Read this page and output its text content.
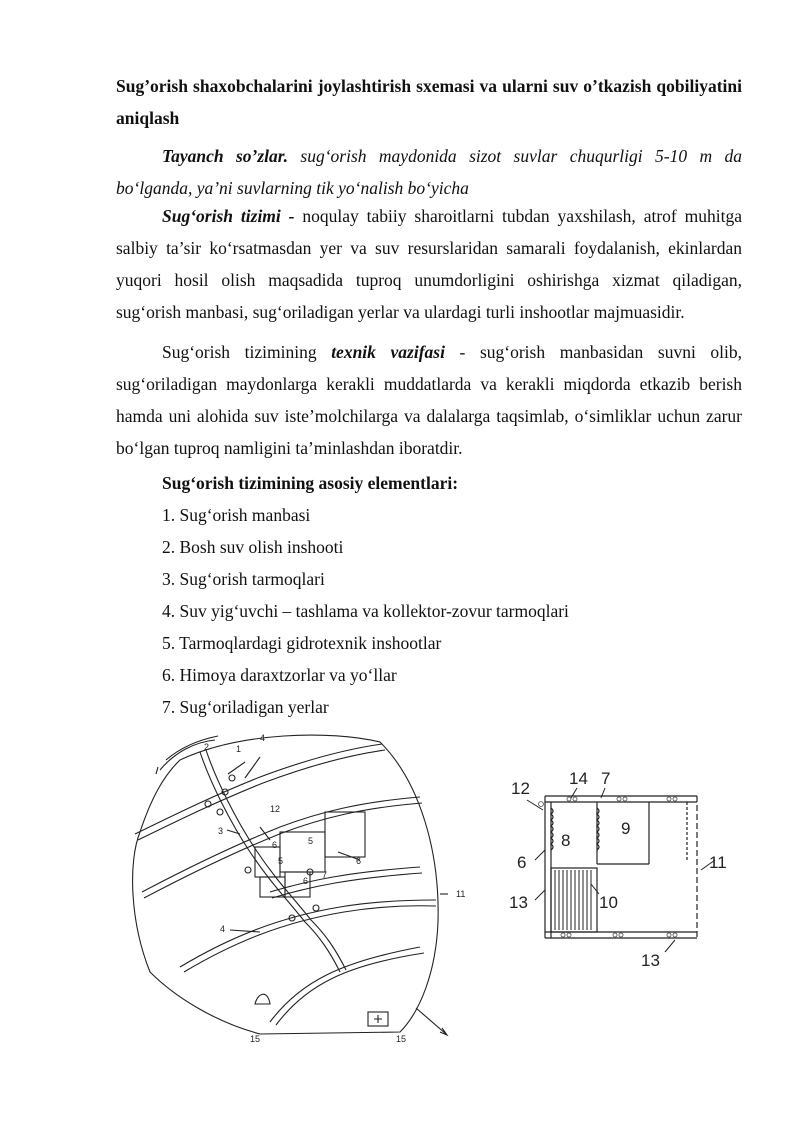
Sug’orish shaxobchalarini joylashtirish sxemasi va ularni suv o’tkazish qobiliyatini aniqlash
Tayanch so’zlar. sug‘orish maydonida sizot suvlar chuqurligi 5-10 m da bo‘lganda, ya’ni suvlarning tik yo‘nalish bo‘yicha
Sug‘orish tizimi - noqulay tabiiy sharoitlarni tubdan yaxshilash, atrof muhitga salbiy ta’sir ko‘rsatmasdan yer va suv resurslaridan samarali foydalanish, ekinlardan yuqori hosil olish maqsadida tuproq unumdorligini oshirishga xizmat qiladigan, sug‘orish manbasi, sug‘oriladigan yerlar va ulardagi turli inshootlar majmuasidir.
Sug‘orish tizimining texnik vazifasi - sug‘orish manbasidan suvni olib, sug‘oriladigan maydonlarga kerakli muddatlarda va kerakli miqdorda etkazib berish hamda uni alohida suv iste’molchilarga va dalalarga taqsimlab, o‘simliklar uchun zarur bo‘lgan tuproq namligini ta’minlashdan iboratdir.
Sug‘orish tizimining asosiy elementlari:
1. Sug‘orish manbasi
2. Bosh suv olish inshooti
3. Sug‘orish tarmoqlari
4. Suv yig‘uvchi – tashlama va kollektor-zovur tarmoqlari
5. Tarmoqlardagi gidrotexnik inshootlar
6. Himoya daraxtzorlar va yo‘llar
7. Sug‘oriladigan yerlar
1
2
3
4
12
5
6
5	6
6
7
11
4
15	15
12
14 7
8
9
6	11
13	10
13
